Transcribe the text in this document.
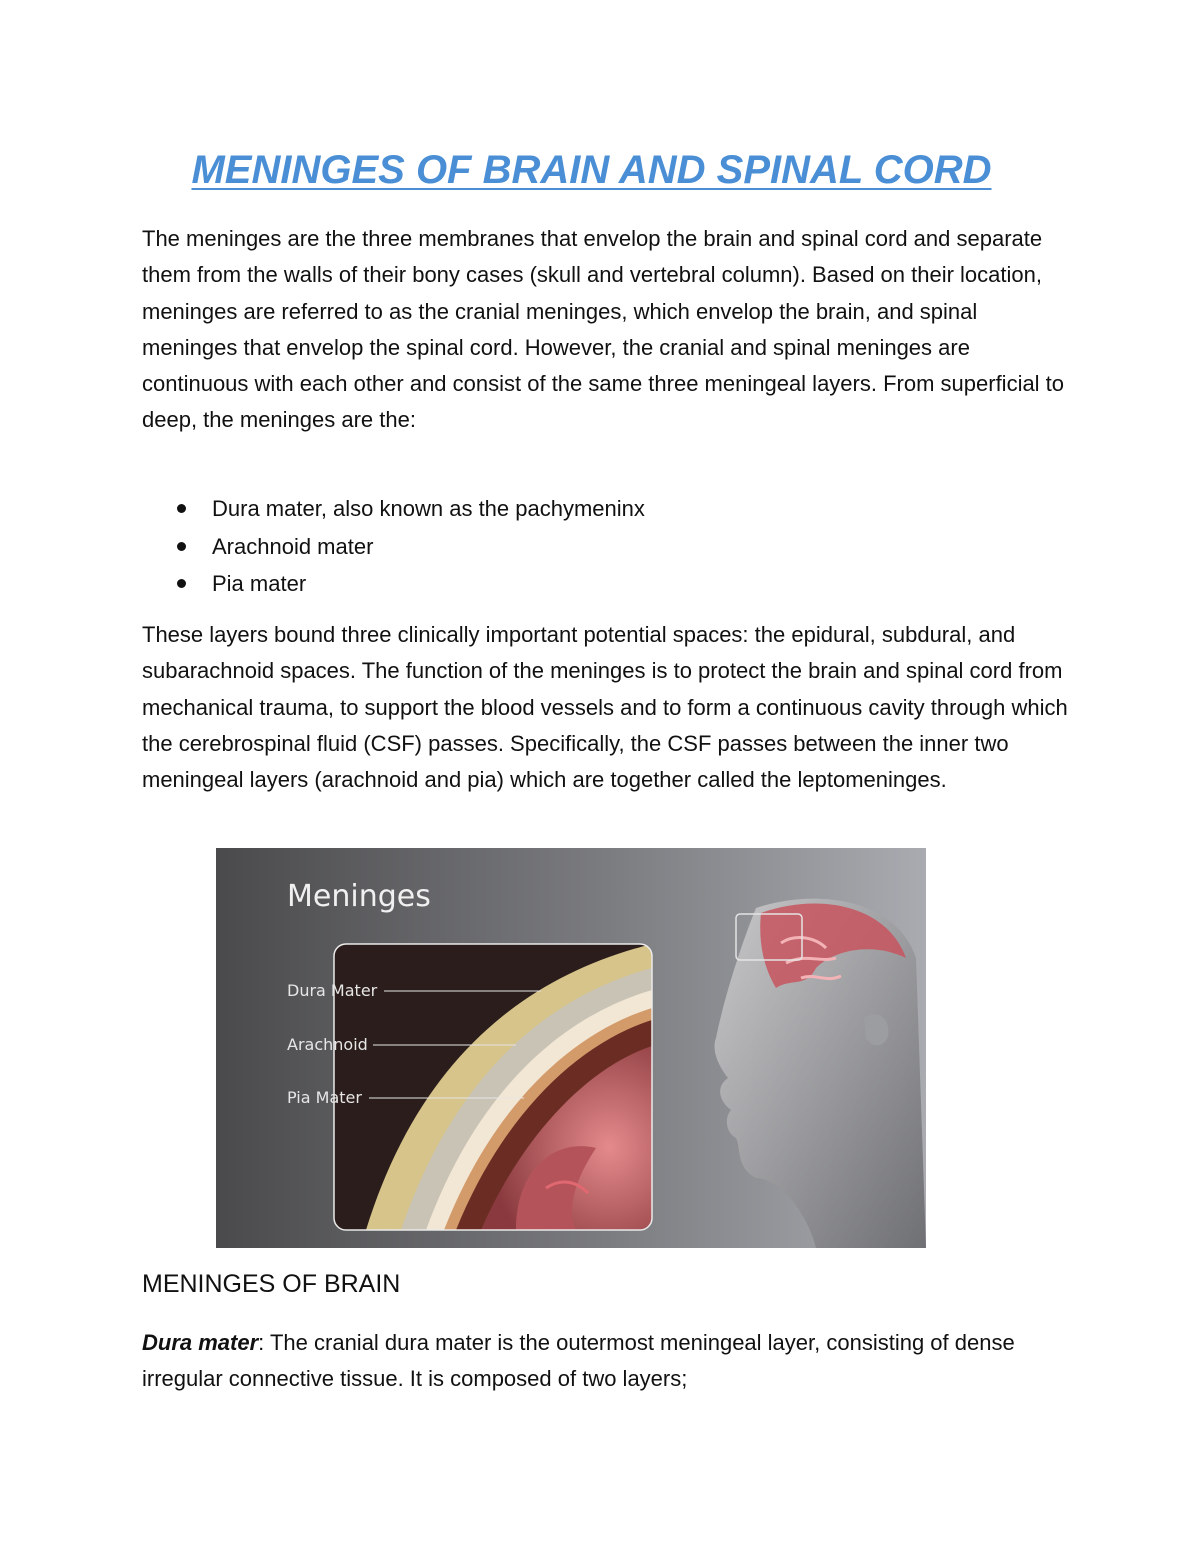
MENINGES OF BRAIN AND SPINAL CORD

The meninges are the three membranes that envelop the brain and spinal cord and separate them from the walls of their bony cases (skull and vertebral column). Based on their location, meninges are referred to as the cranial meninges, which envelop the brain, and spinal meninges that envelop the spinal cord. However, the cranial and spinal meninges are continuous with each other and consist of the same three meningeal layers. From superficial to deep, the meninges are the:

Dura mater, also known as the pachymeninx
Arachnoid mater
Pia mater

These layers bound three clinically important potential spaces: the epidural, subdural, and subarachnoid spaces. The function of the meninges is to protect the brain and spinal cord from mechanical trauma, to support the blood vessels and to form a continuous cavity through which the cerebrospinal fluid (CSF) passes. Specifically, the CSF passes between the inner two meningeal layers (arachnoid and pia) which are together called the leptomeninges.

Meninges
Dura Mater
Arachnoid
Pia Mater
MENINGES OF BRAIN

Dura mater: The cranial dura mater is the outermost meningeal layer, consisting of dense irregular connective tissue. It is composed of two layers;
